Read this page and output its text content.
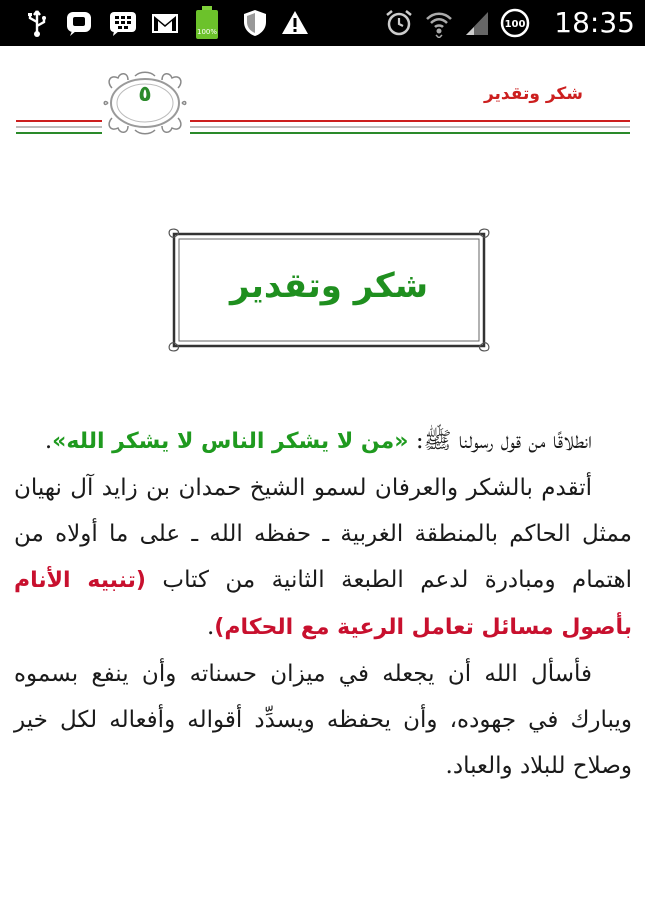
100%
100 18:35
شكر وتقدير
٥
شكر وتقدير

انطلاقًا من قول رسولنا ﷺ: «من لا يشكر الناس لا يشكر الله».

أتقدم بالشكر والعرفان لسمو الشيخ حمدان بن زايد آل نهيان ممثل الحاكم بالمنطقة الغربية ـ حفظه الله ـ على ما أولاه من اهتمام ومبادرة لدعم الطبعة الثانية من كتاب (تنبيه الأنام بأصول مسائل تعامل الرعية مع الحكام).

فأسأل الله أن يجعله في ميزان حسناته وأن ينفع بسموه ويبارك في جهوده، وأن يحفظه ويسدِّد أقواله وأفعاله لكل خير وصلاح للبلاد والعباد.
